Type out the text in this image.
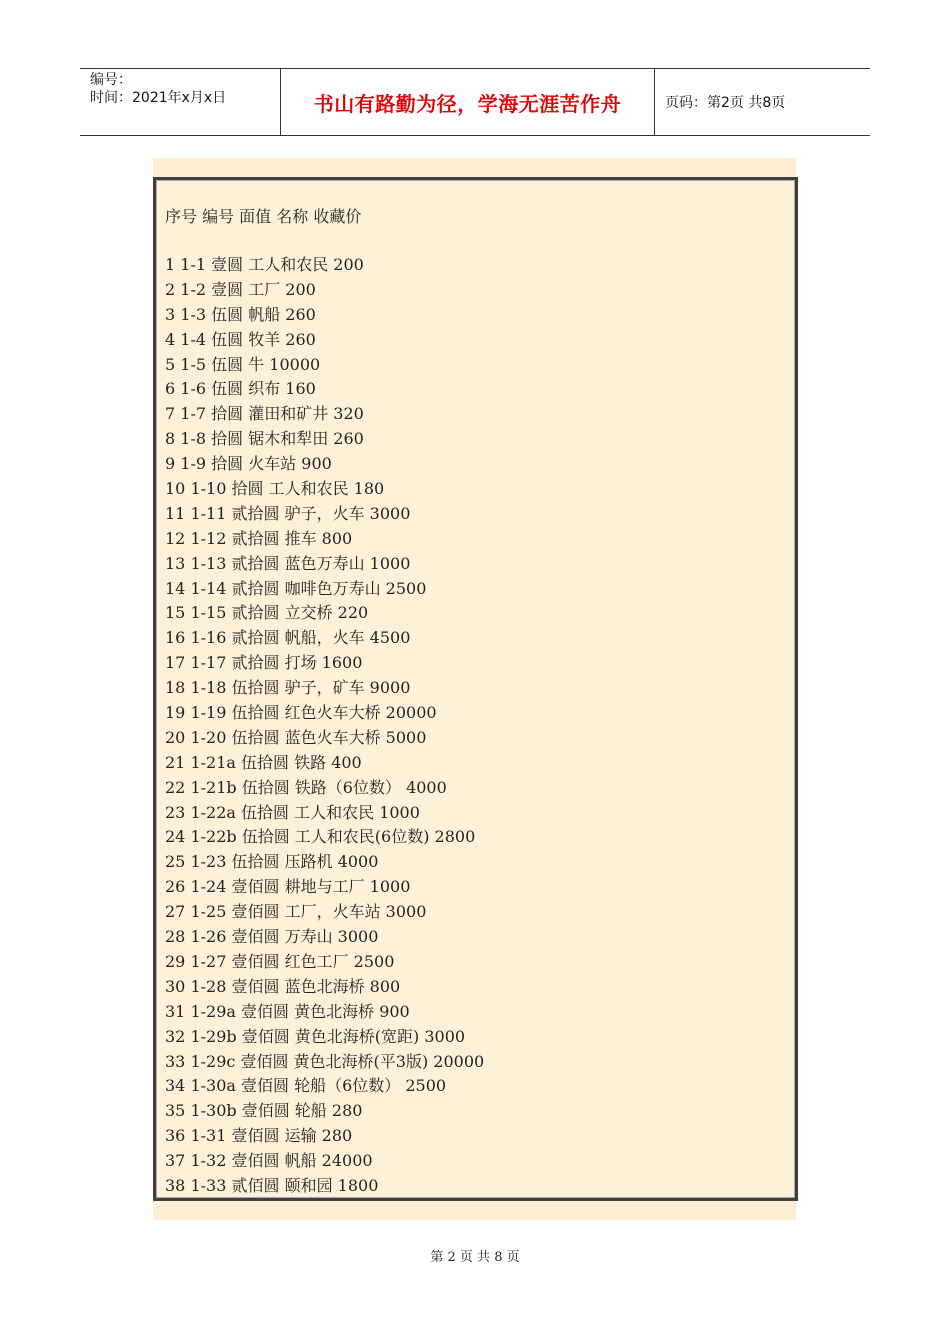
编号：
时间：2021年x月x日	书山有路勤为径，学海无涯苦作舟	页码：第2页 共8页
序号 编号 面值 名称 收藏价
1 1-1 壹圆 工人和农民 200
2 1-2 壹圆 工厂 200
3 1-3 伍圆 帆船 260
4 1-4 伍圆 牧羊 260
5 1-5 伍圆 牛 10000
6 1-6 伍圆 织布 160
7 1-7 拾圆 灌田和矿井 320
8 1-8 拾圆 锯木和犁田 260
9 1-9 拾圆 火车站 900
10 1-10 拾圆 工人和农民 180
11 1-11 贰拾圆 驴子，火车 3000
12 1-12 贰拾圆 推车 800
13 1-13 贰拾圆 蓝色万寿山 1000
14 1-14 贰拾圆 咖啡色万寿山 2500
15 1-15 贰拾圆 立交桥 220
16 1-16 贰拾圆 帆船，火车 4500
17 1-17 贰拾圆 打场 1600
18 1-18 伍拾圆 驴子，矿车 9000
19 1-19 伍拾圆 红色火车大桥 20000
20 1-20 伍拾圆 蓝色火车大桥 5000
21 1-21a 伍拾圆 铁路 400
22 1-21b 伍拾圆 铁路（6位数） 4000
23 1-22a 伍拾圆 工人和农民 1000
24 1-22b 伍拾圆 工人和农民(6位数) 2800
25 1-23 伍拾圆 压路机 4000
26 1-24 壹佰圆 耕地与工厂 1000
27 1-25 壹佰圆 工厂，火车站 3000
28 1-26 壹佰圆 万寿山 3000
29 1-27 壹佰圆 红色工厂 2500
30 1-28 壹佰圆 蓝色北海桥 800
31 1-29a 壹佰圆 黄色北海桥 900
32 1-29b 壹佰圆 黄色北海桥(宽距) 3000
33 1-29c 壹佰圆 黄色北海桥(平3版) 20000
34 1-30a 壹佰圆 轮船（6位数） 2500
35 1-30b 壹佰圆 轮船 280
36 1-31 壹佰圆 运输 280
37 1-32 壹佰圆 帆船 24000
38 1-33 贰佰圆 颐和园 1800
第 2 页 共 8 页
